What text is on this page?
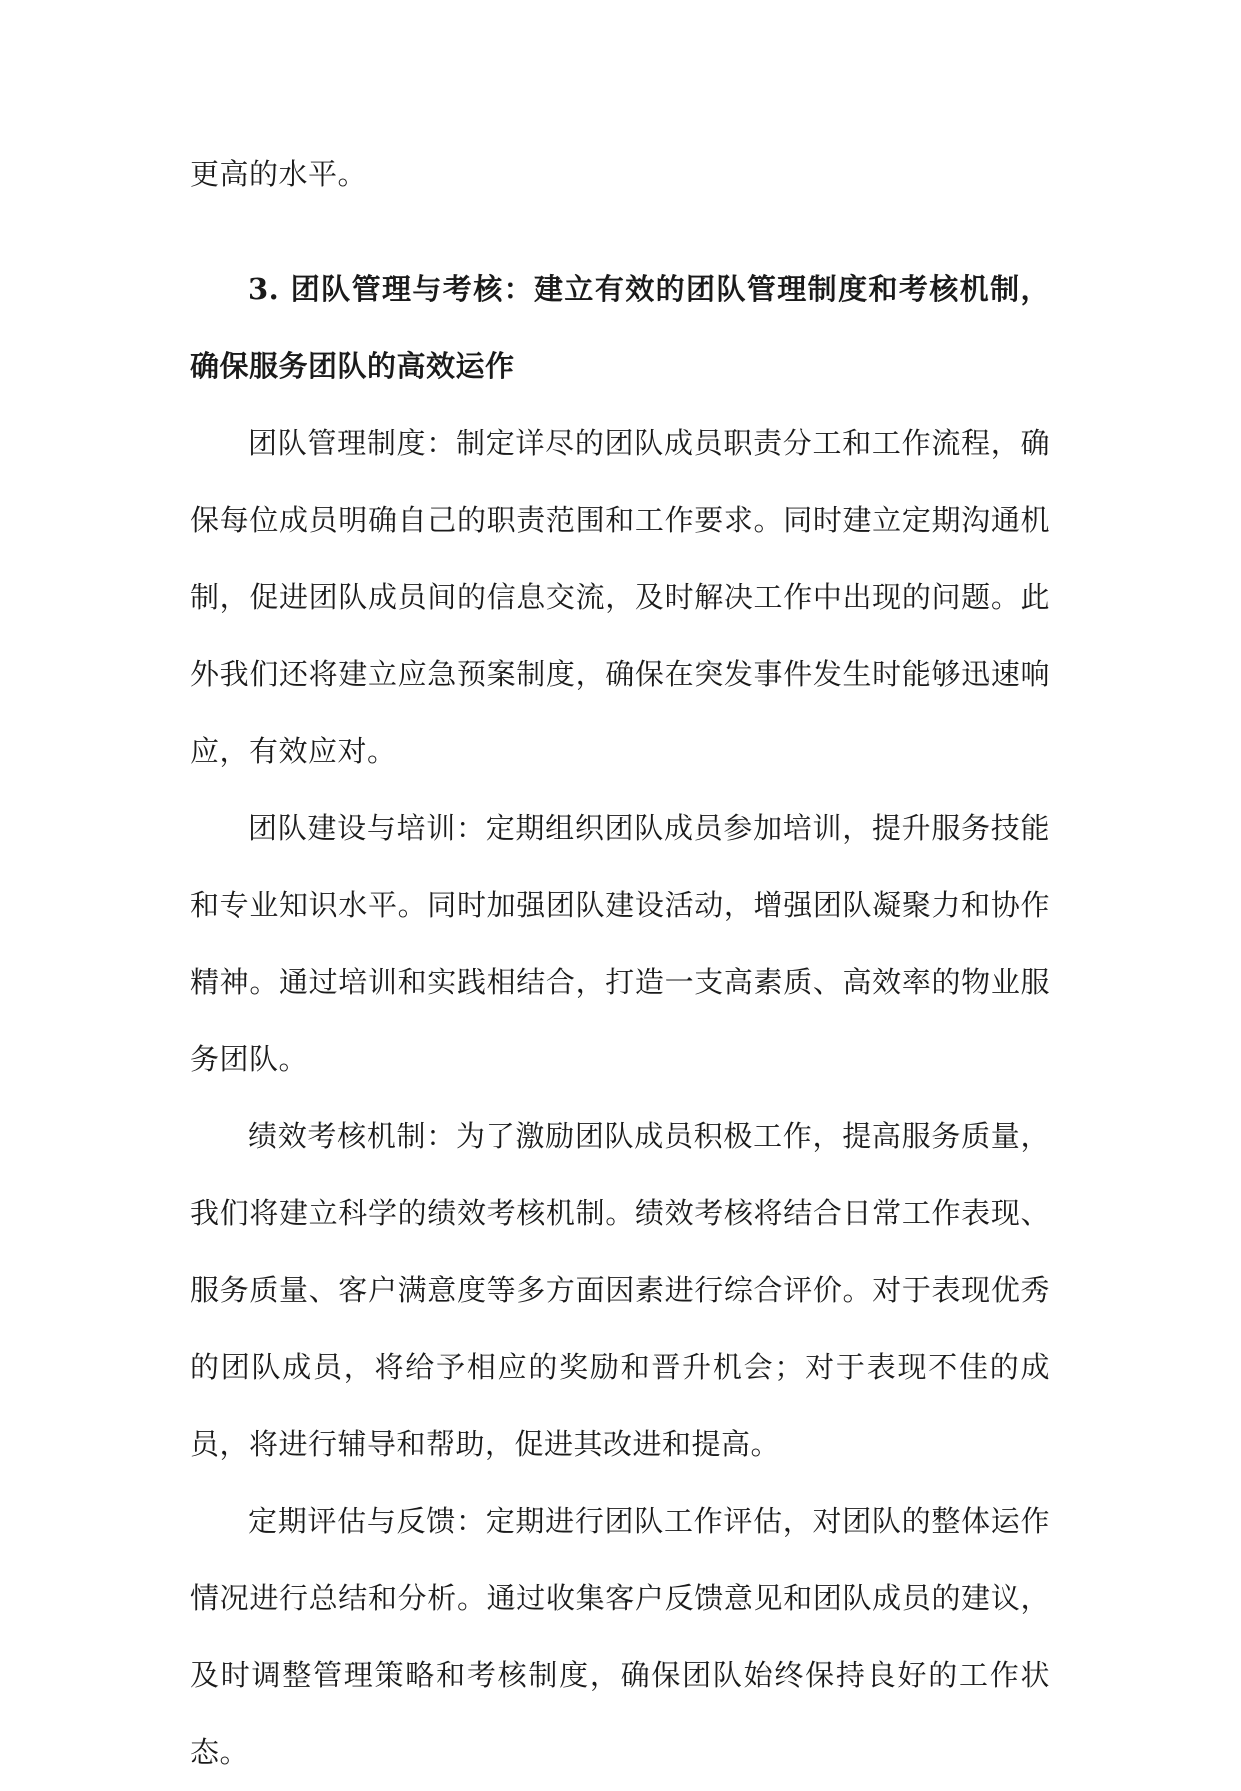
更高的水平。

3. 团队管理与考核：建立有效的团队管理制度和考核机制，确保服务团队的高效运作

团队管理制度：制定详尽的团队成员职责分工和工作流程，确保每位成员明确自己的职责范围和工作要求。同时建立定期沟通机制，促进团队成员间的信息交流，及时解决工作中出现的问题。此外我们还将建立应急预案制度，确保在突发事件发生时能够迅速响应，有效应对。

团队建设与培训：定期组织团队成员参加培训，提升服务技能和专业知识水平。同时加强团队建设活动，增强团队凝聚力和协作精神。通过培训和实践相结合，打造一支高素质、高效率的物业服务团队。

绩效考核机制：为了激励团队成员积极工作，提高服务质量，我们将建立科学的绩效考核机制。绩效考核将结合日常工作表现、服务质量、客户满意度等多方面因素进行综合评价。对于表现优秀的团队成员，将给予相应的奖励和晋升机会；对于表现不佳的成员，将进行辅导和帮助，促进其改进和提高。

定期评估与反馈：定期进行团队工作评估，对团队的整体运作情况进行总结和分析。通过收集客户反馈意见和团队成员的建议，及时调整管理策略和考核制度，确保团队始终保持良好的工作状态。
